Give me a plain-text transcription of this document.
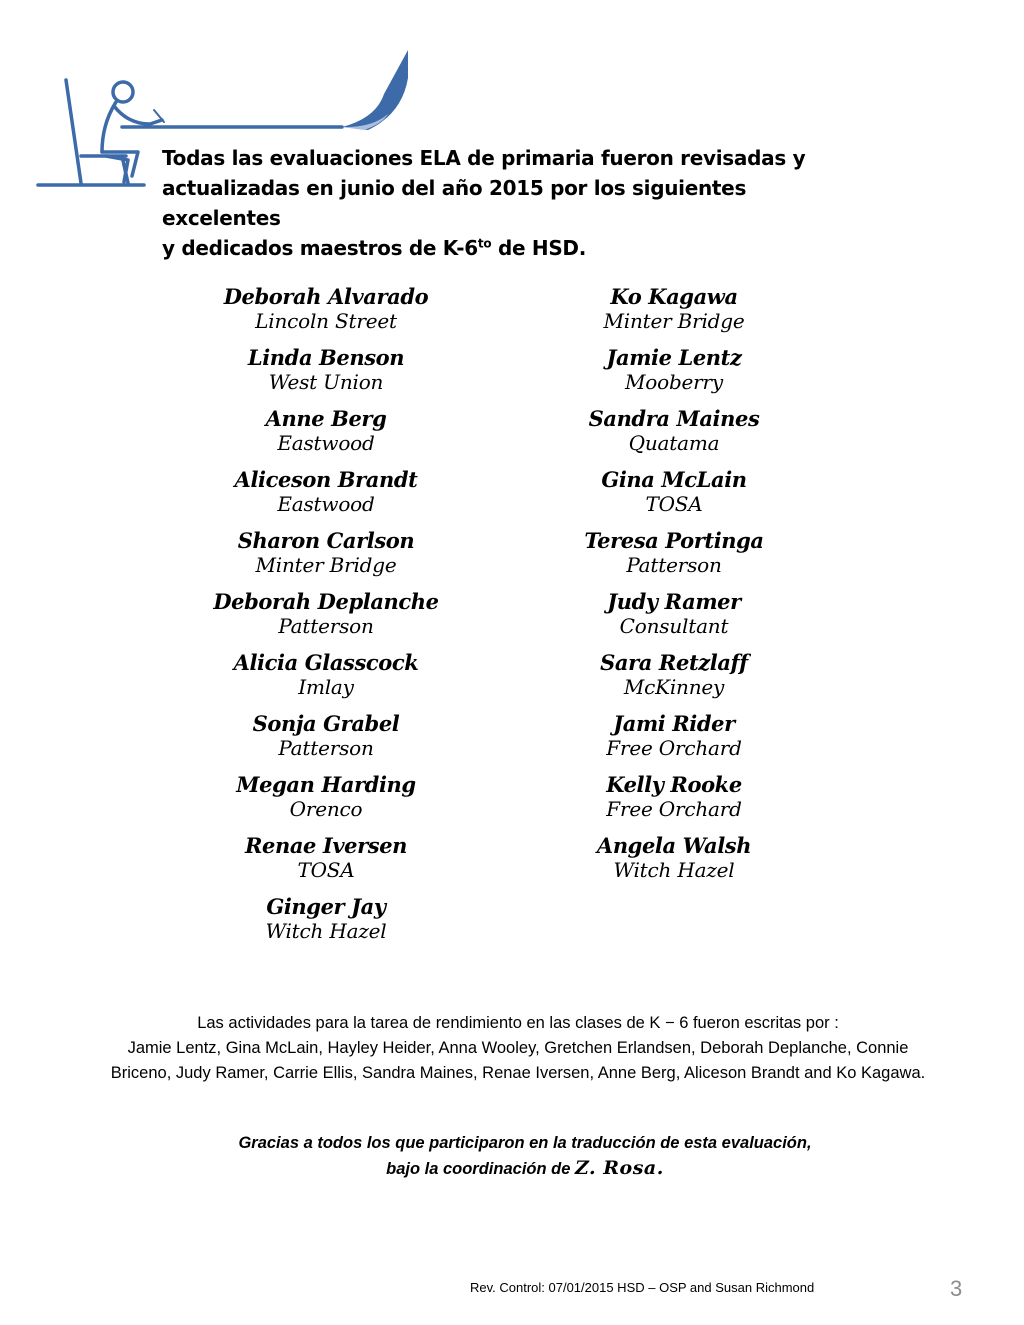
Todas las evaluaciones ELA de primaria fueron revisadas y
actualizadas en junio del año 2015 por los siguientes excelentes
y dedicados maestros de $K-6^{to}$ de HSD.
Deborah Alvarado
Lincoln Street
Linda Benson
West Union
Anne Berg
Eastwood
Aliceson Brandt
Eastwood
Sharon Carlson
Minter Bridge
Deborah Deplanche
Patterson
Alicia Glasscock
Imlay
Sonja Grabel
Patterson
Megan Harding
Orenco
Renae Iversen
TOSA
Ginger Jay
Witch Hazel
Ko Kagawa
Minter Bridge
Jamie Lentz
Mooberry
Sandra Maines
Quatama
Gina McLain
TOSA
Teresa Portinga
Patterson
Judy Ramer
Consultant
Sara Retzlaff
McKinney
Jami Rider
Free Orchard
Kelly Rooke
Free Orchard
Angela Walsh
Witch Hazel
Las actividades para la tarea de rendimiento en las clases de K − 6 fueron escritas por :
Jamie Lentz, Gina McLain, Hayley Heider, Anna Wooley, Gretchen Erlandsen, Deborah Deplanche, Connie
Briceno, Judy Ramer, Carrie Ellis, Sandra Maines, Renae Iversen, Anne Berg, Aliceson Brandt and Ko Kagawa.
Gracias a todos los que participaron en la traducción de esta evaluación,
bajo la coordinación de Z. Rosa.
Rev. Control: 07/01/2015 HSD – OSP and Susan Richmond	3
